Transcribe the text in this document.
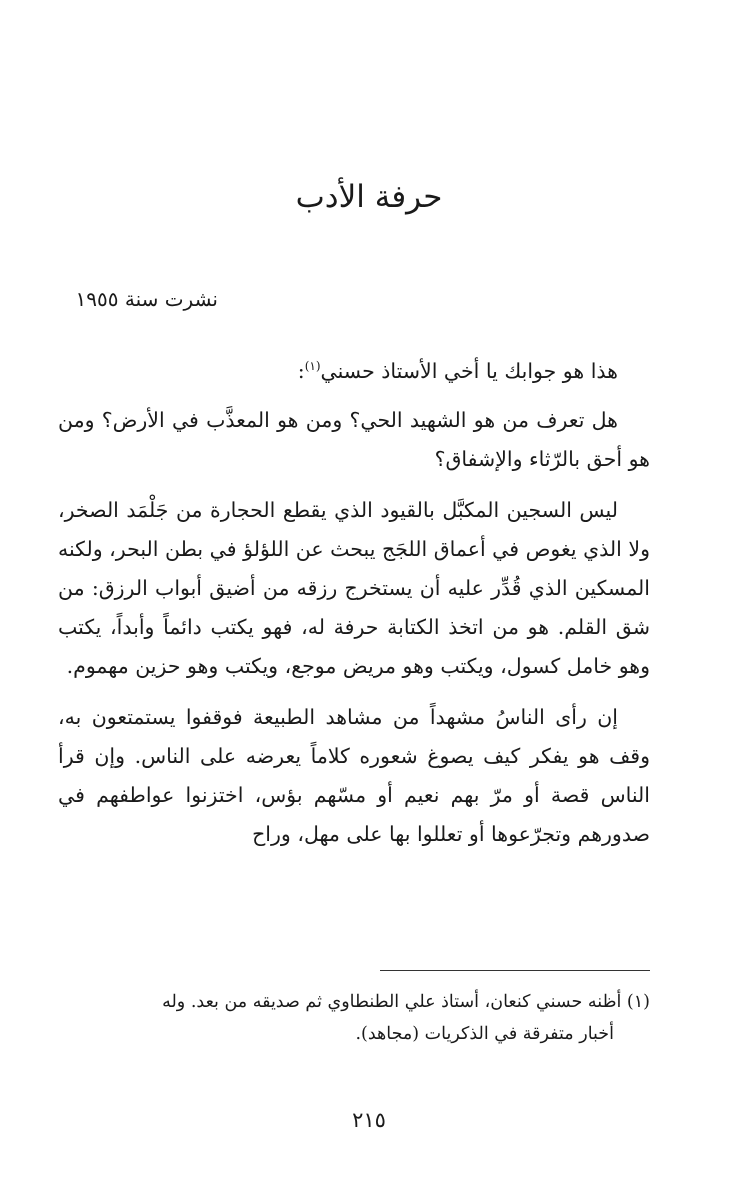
حرفة الأدب
نشرت سنة ١٩٥٥

هذا هو جوابك يا أخي الأستاذ حسني$^{(١)}$:

هل تعرف من هو الشهيد الحي؟ ومن هو المعذَّب في الأرض؟ ومن هو أحق بالرّثاء والإشفاق؟

ليس السجين المكبَّل بالقيود الذي يقطع الحجارة من جَلْمَد الصخر، ولا الذي يغوص في أعماق اللجَج يبحث عن اللؤلؤ في بطن البحر، ولكنه المسكين الذي قُدِّر عليه أن يستخرج رزقه من أضيق أبواب الرزق: من شق القلم. هو من اتخذ الكتابة حرفة له، فهو يكتب دائماً وأبداً، يكتب وهو خامل كسول، ويكتب وهو مريض موجع، ويكتب وهو حزين مهموم.

إن رأى الناسُ مشهداً من مشاهد الطبيعة فوقفوا يستمتعون به، وقف هو يفكر كيف يصوغ شعوره كلاماً يعرضه على الناس. وإن قرأ الناس قصة أو مرّ بهم نعيم أو مسّهم بؤس، اختزنوا عواطفهم في صدورهم وتجرّعوها أو تعللوا بها على مهل، وراح

(١) أظنه حسني كنعان، أستاذ علي الطنطاوي ثم صديقه من بعد. وله
أخبار متفرقة في الذكريات (مجاهد).
٢١٥
